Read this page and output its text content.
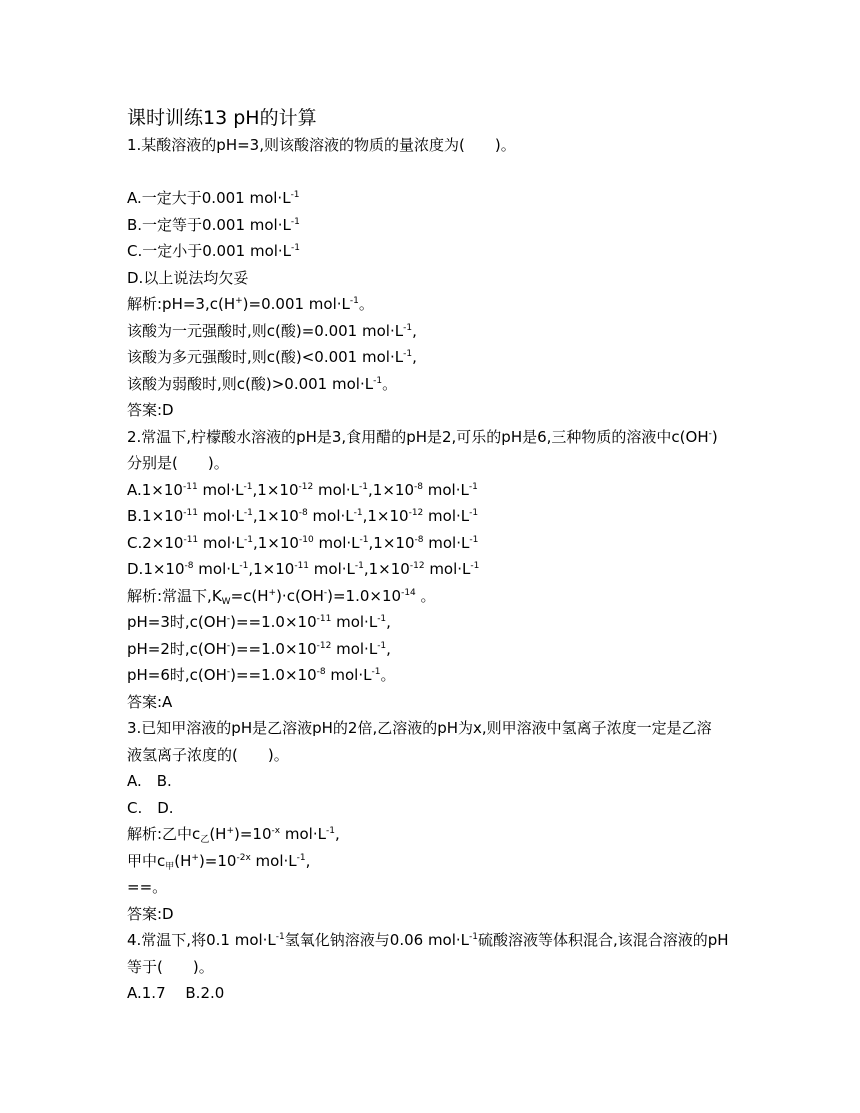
课时训练13 pH的计算
1.某酸溶液的pH=3,则该酸溶液的物质的量浓度为(　　)。
A.一定大于0.001 $mol\cdot L^{-1}$
B.一定等于0.001 $mol\cdot L^{-1}$
C.一定小于0.001 $mol\cdot L^{-1}$
D.以上说法均欠妥
解析:pH=3,c(H+)=0.001 $mol\cdot L^{-1}$。
该酸为一元强酸时,则c(酸)=0.001 $mol\cdot L^{-1}$,
该酸为多元强酸时,则c(酸)<0.001 $mol\cdot L^{-1}$,
该酸为弱酸时,则c(酸)>0.001 $mol\cdot L^{-1}$。
答案:D
2.常温下,柠檬酸水溶液的pH是3,食用醋的pH是2,可乐的pH是6,三种物质的溶液中c(OH-)
分别是(　　)。
$A.1\times 10^{-11}$ $mol\cdot L^{-1},1\times 10^{-12}$ $mol\cdot L^{-1},1\times 10^{-8}$ $mol\cdot L^{-1}$
$B.1\times 10^{-11}$ $mol\cdot L^{-1},1\times 10^{-8}$ $mol\cdot L^{-1},1\times 10^{-12}$ $mol\cdot L^{-1}$
$C.2\times 10^{-11}$ $mol\cdot L^{-1},1\times 10^{-10}$ $mol\cdot L^{-1},1\times 10^{-8}$ $mol\cdot L^{-1}$
$D.1\times 10^{-8}$ $mol\cdot L^{-1},1\times 10^{-11}$ $mol\cdot L^{-1},1\times 10^{-12}$ $mol\cdot L^{-1}$
解析:常温下$,K_W=c(H^+)\cdot c(OH^-)=1.0\times 10^{-14}$ 。
pH=3时$,c(OH^-)==1.0\times 10^{-11}$ $mol\cdot L^{-1}$,
pH=2时$,c(OH^-)==1.0\times 10^{-12}$ $mol\cdot L^{-1}$,
pH=6时$,c(OH^-)==1.0\times 10^{-8}$ $mol\cdot L^{-1}$。
答案:A
3.已知甲溶液的pH是乙溶液pH的2倍,乙溶液的pH为x,则甲溶液中氢离子浓度一定是乙溶
液氢离子浓度的(　　)。
A.　B.
C.　D.
解析:乙中$c_乙(H^+)=10^{-x}$ $mol\cdot L^{-1}$,
甲中$c_甲(H^+)=10^{-2x}$ $mol\cdot L^{-1}$,
==。
答案:D
4.常温下,将0.1 $mol\cdot L^{-1}$氢氧化钠溶液与0.06 $mol\cdot L^{-1}$硫酸溶液等体积混合,该混合溶液的pH
等于(　　)。
A.1.7　 B.2.0
